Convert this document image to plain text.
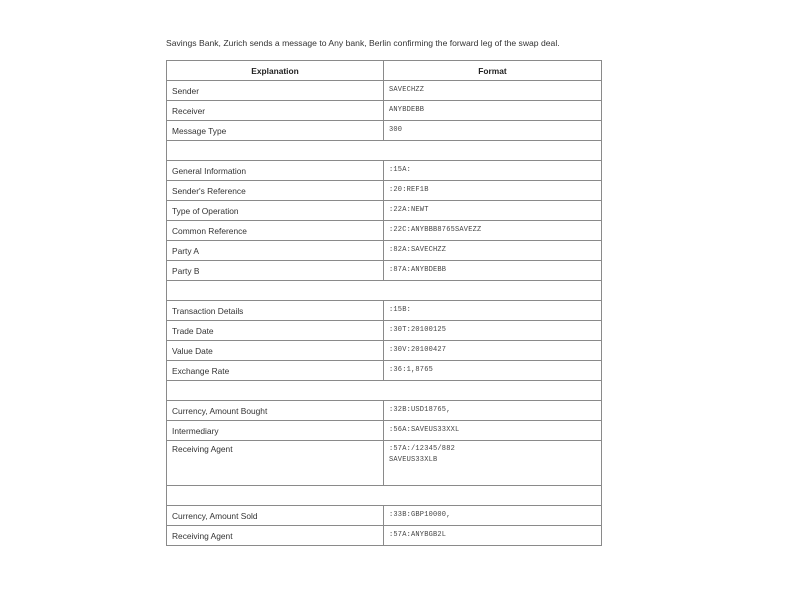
Savings Bank, Zurich sends a message to Any bank, Berlin confirming the forward leg of the swap deal.
Explanation	Format
Sender	SAVECHZZ
Receiver	ANYBDEBB
Message Type	300

General Information	:15A:
Sender's Reference	:20:REF1B
Type of Operation	:22A:NEWT
Common Reference	:22C:ANYBBB8765SAVEZZ
Party A	:82A:SAVECHZZ
Party B	:87A:ANYBDEBB

Transaction Details	:15B:
Trade Date	:30T:20100125
Value Date	:30V:20100427
Exchange Rate	:36:1,8765

Currency, Amount Bought	:32B:USD18765,
Intermediary	:56A:SAVEUS33XXL
Receiving Agent	:57A:/12345/882
SAVEUS33XLB

Currency, Amount Sold	:33B:GBP10000,
Receiving Agent	:57A:ANYBGB2L
